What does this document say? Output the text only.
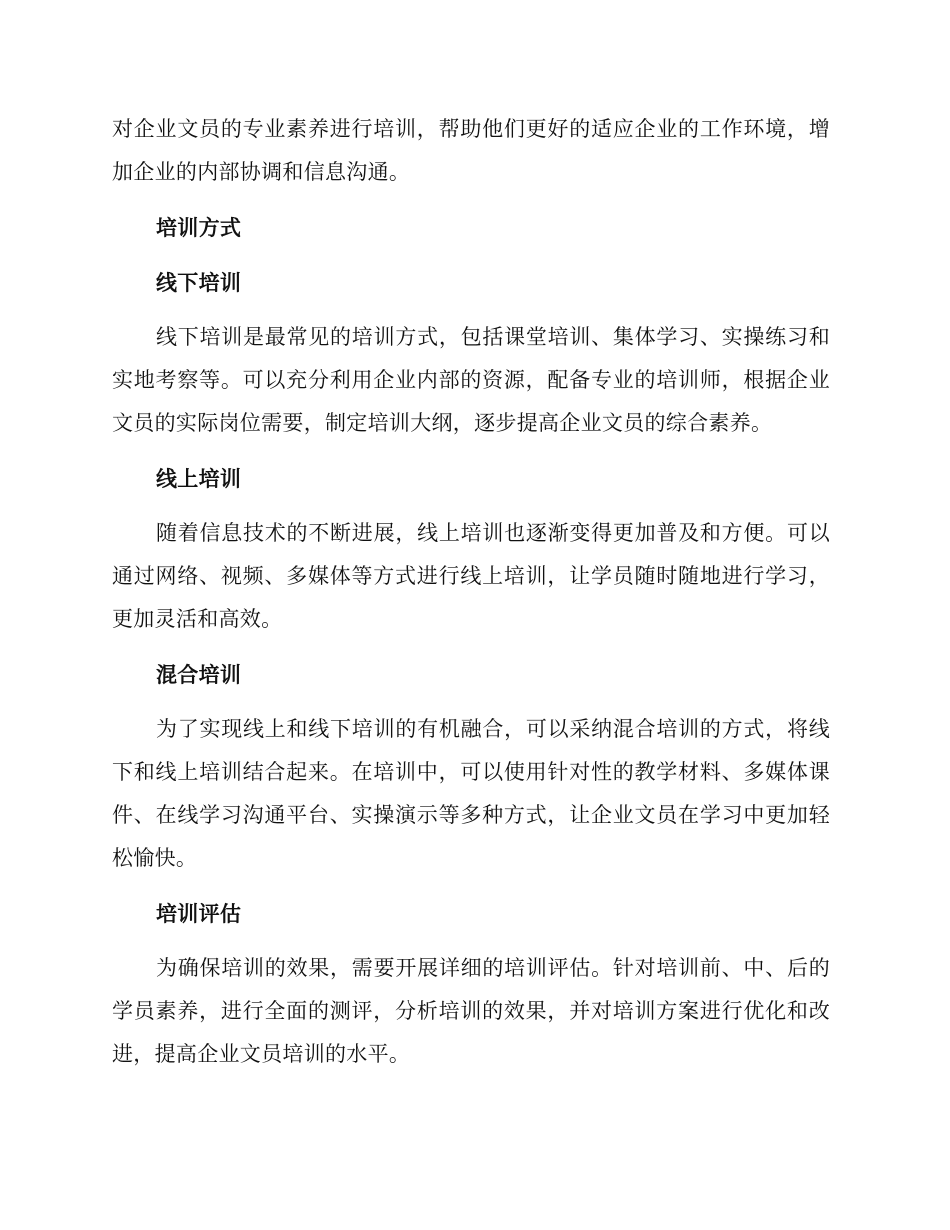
对企业文员的专业素养进行培训，帮助他们更好的适应企业的工作环境，增加企业的内部协调和信息沟通。

培训方式
线下培训

线下培训是最常见的培训方式，包括课堂培训、集体学习、实操练习和实地考察等。可以充分利用企业内部的资源，配备专业的培训师，根据企业文员的实际岗位需要，制定培训大纲，逐步提高企业文员的综合素养。

线上培训

随着信息技术的不断进展，线上培训也逐渐变得更加普及和方便。可以通过网络、视频、多媒体等方式进行线上培训，让学员随时随地进行学习，更加灵活和高效。

混合培训

为了实现线上和线下培训的有机融合，可以采纳混合培训的方式，将线下和线上培训结合起来。在培训中，可以使用针对性的教学材料、多媒体课件、在线学习沟通平台、实操演示等多种方式，让企业文员在学习中更加轻松愉快。

培训评估

为确保培训的效果，需要开展详细的培训评估。针对培训前、中、后的学员素养，进行全面的测评，分析培训的效果，并对培训方案进行优化和改进，提高企业文员培训的水平。
